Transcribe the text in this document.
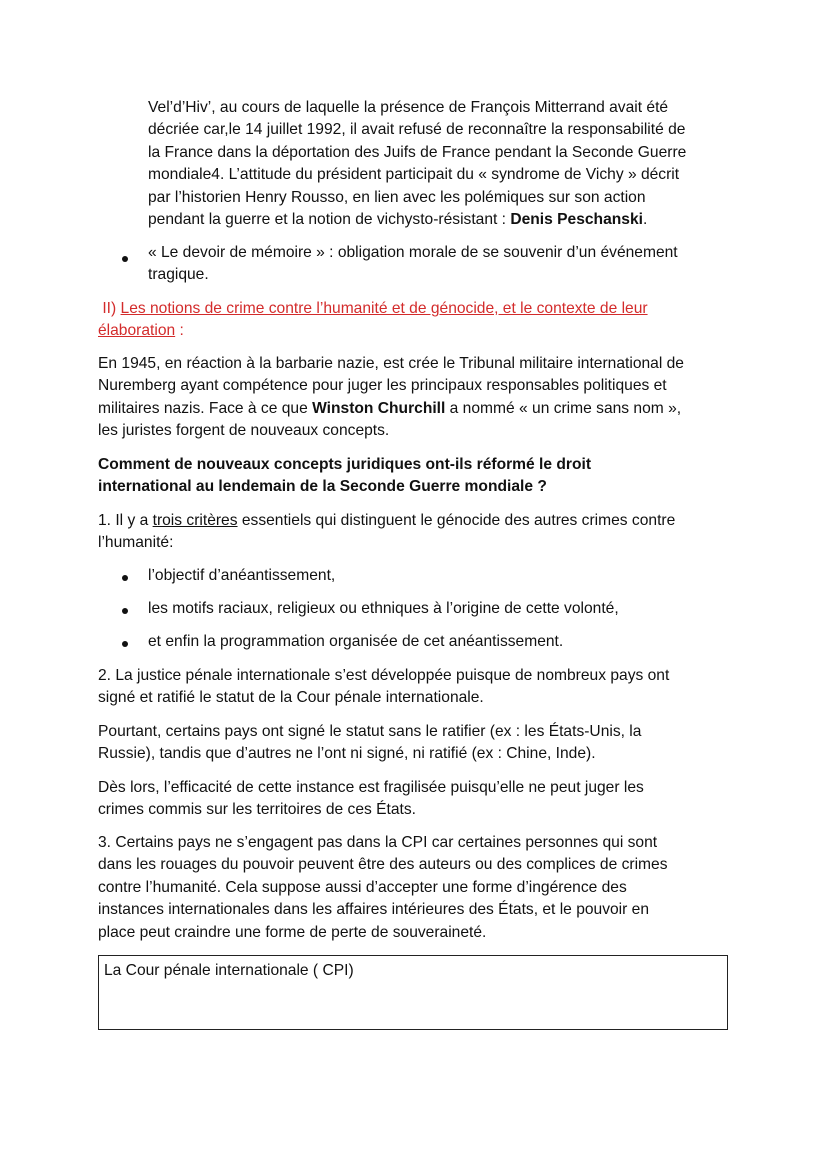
Vel’d’Hiv’, au cours de laquelle la présence de François Mitterrand avait été
décriée car,le 14 juillet 1992, il avait refusé de reconnaître la responsabilité de
la France dans la déportation des Juifs de France pendant la Seconde Guerre
mondiale4. L’attitude du président participait du « syndrome de Vichy » décrit
par l’historien Henry Rousso, en lien avec les polémiques sur son action
pendant la guerre et la notion de vichysto-résistant : Denis Peschanski.
« Le devoir de mémoire » : obligation morale de se souvenir d’un événement
tragique.
II) Les notions de crime contre l’humanité et de génocide, et le contexte de leur
élaboration :
En 1945, en réaction à la barbarie nazie, est crée le Tribunal militaire international de
Nuremberg ayant compétence pour juger les principaux responsables politiques et
militaires nazis. Face à ce que Winston Churchill a nommé « un crime sans nom »,
les juristes forgent de nouveaux concepts.
Comment de nouveaux concepts juridiques ont-ils réformé le droit
international au lendemain de la Seconde Guerre mondiale ?
1. Il y a trois critères essentiels qui distinguent le génocide des autres crimes contre
l’humanité:
l’objectif d’anéantissement,
les motifs raciaux, religieux ou ethniques à l’origine de cette volonté,
et enfin la programmation organisée de cet anéantissement.
2. La justice pénale internationale s’est développée puisque de nombreux pays ont
signé et ratifié le statut de la Cour pénale internationale.
Pourtant, certains pays ont signé le statut sans le ratifier (ex : les États-Unis, la
Russie), tandis que d’autres ne l’ont ni signé, ni ratifié (ex : Chine, Inde).
Dès lors, l’efficacité de cette instance est fragilisée puisqu’elle ne peut juger les
crimes commis sur les territoires de ces États.
3. Certains pays ne s’engagent pas dans la CPI car certaines personnes qui sont
dans les rouages du pouvoir peuvent être des auteurs ou des complices de crimes
contre l’humanité. Cela suppose aussi d’accepter une forme d’ingérence des
instances internationales dans les affaires intérieures des États, et le pouvoir en
place peut craindre une forme de perte de souveraineté.
La Cour pénale internationale ( CPI)
